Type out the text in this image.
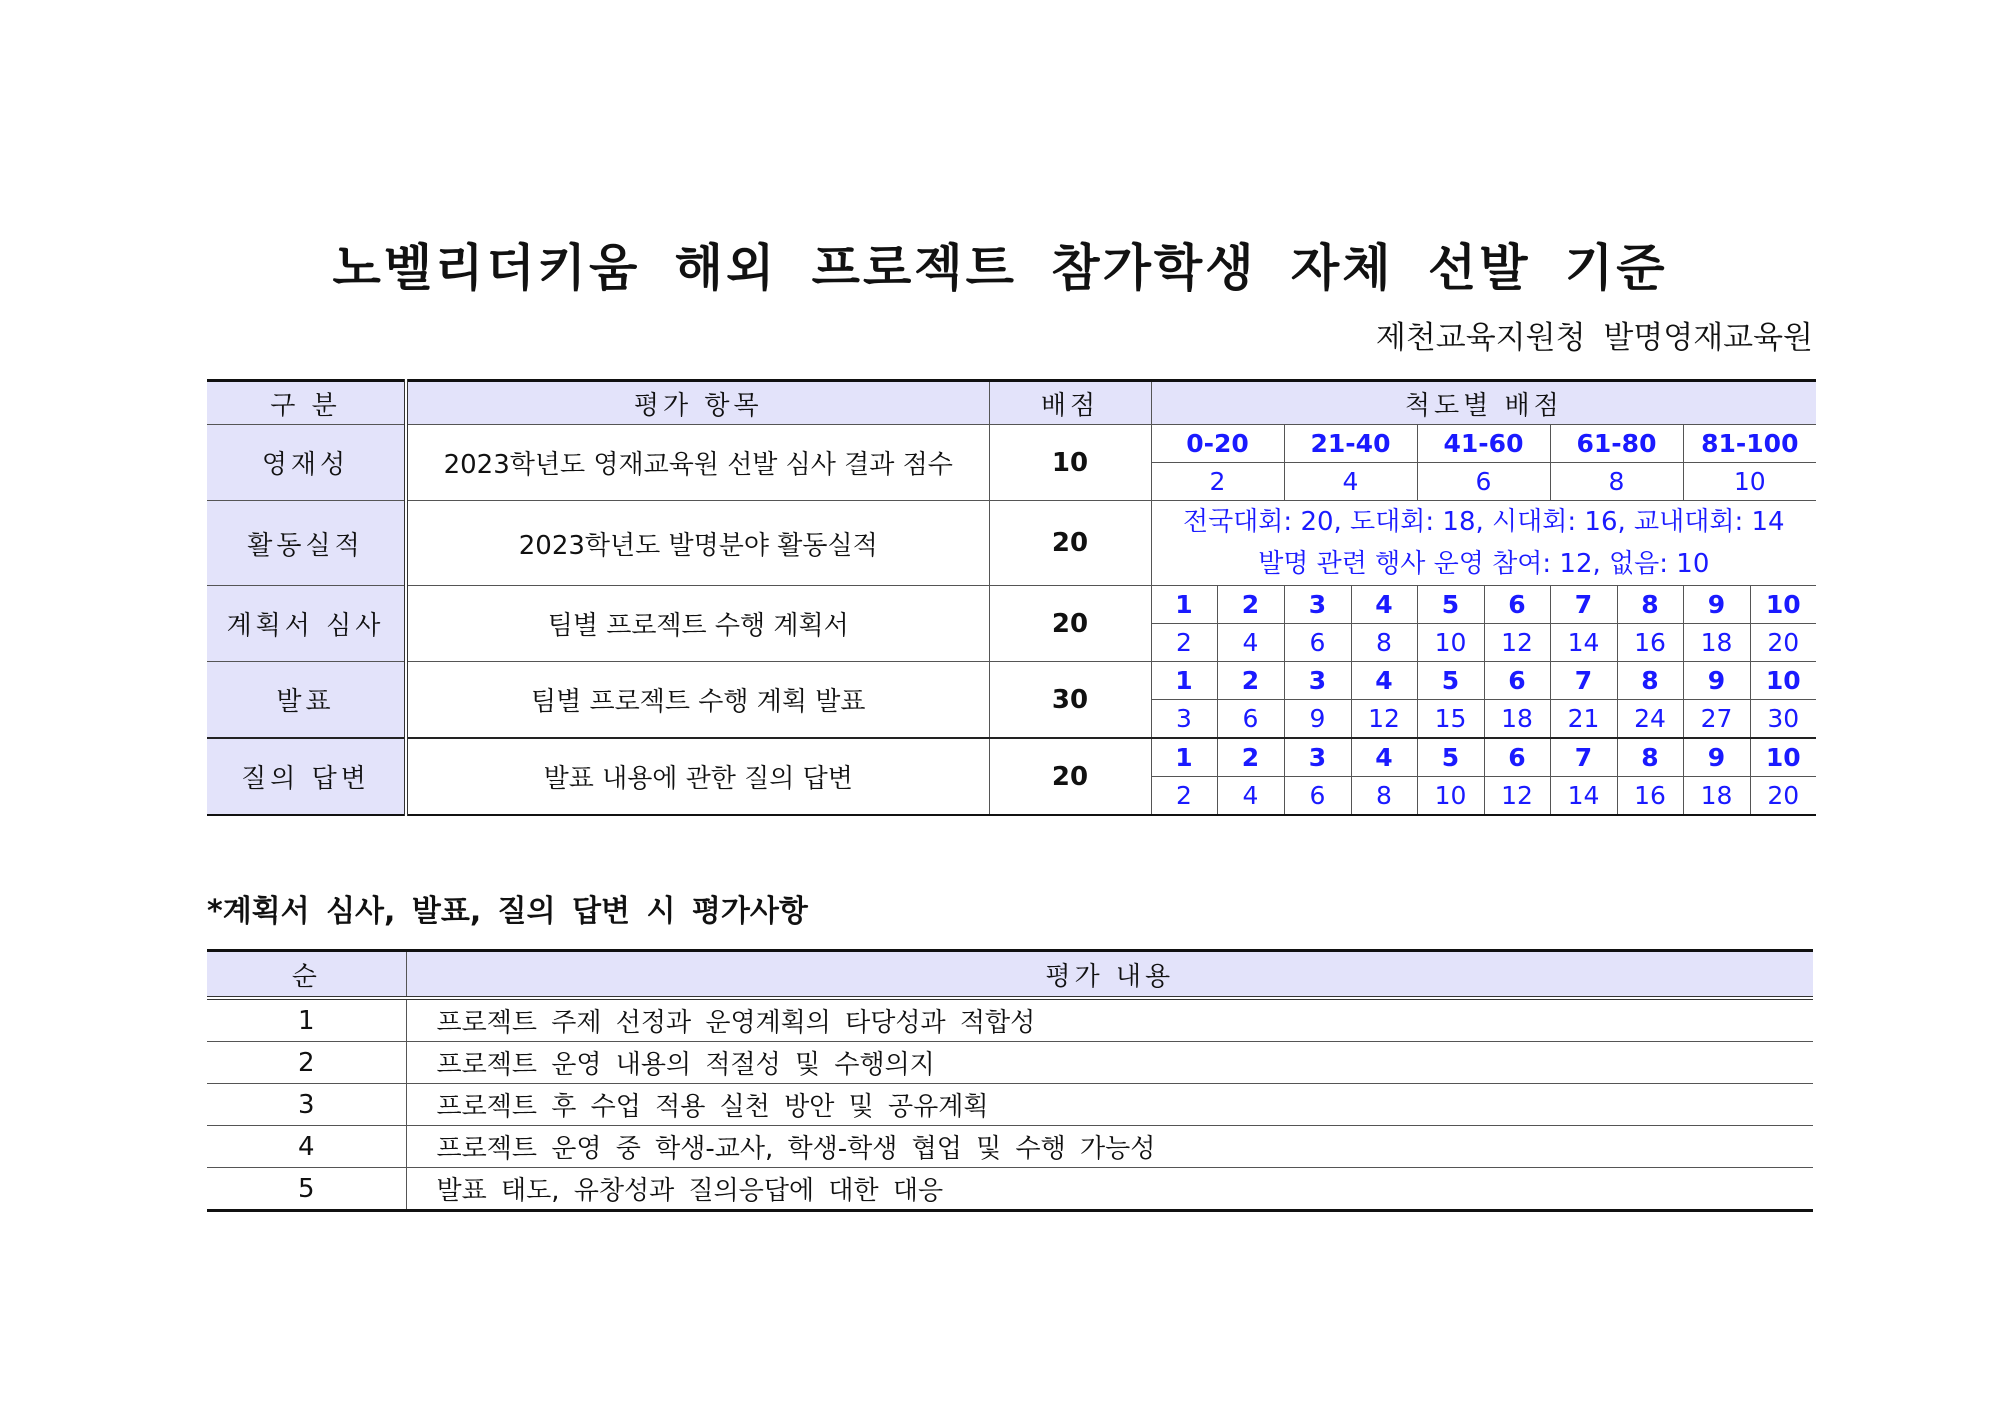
노벨리더키움 해외 프로젝트 참가학생 자체 선발 기준
제천교육지원청 발명영재교육원
구 분	평가 항목	배점	척도별 배점									
영재성	2023학년도 영재교육원 선발 심사 결과 점수	10	0-20		21-40		41-60		61-80		81-100	
			2		4		6		8		10	
활동실적	2023학년도 발명분야 활동실적	20	전국대회: 20, 도대회: 18, 시대회: 16, 교내대회: 14
발명 관련 행사 운영 참여: 12, 없음: 10									

계획서 심사	팀별 프로젝트 수행 계획서	20	1	2	3	4	5	6	7	8	9	10
			2	4	6	8	10	12	14	16	18	20
발표	팀별 프로젝트 수행 계획 발표	30	1	2	3	4	5	6	7	8	9	10
			3	6	9	12	15	18	21	24	27	30
질의 답변	발표 내용에 관한 질의 답변	20	1	2	3	4	5	6	7	8	9	10
			2	4	6	8	10	12	14	16	18	20
*계획서 심사, 발표, 질의 답변 시 평가사항
순	평가 내용
1	프로젝트 주제 선정과 운영계획의 타당성과 적합성
2	프로젝트 운영 내용의 적절성 및 수행의지
3	프로젝트 후 수업 적용 실천 방안 및 공유계획
4	프로젝트 운영 중 학생-교사, 학생-학생 협업 및 수행 가능성
5	발표 태도, 유창성과 질의응답에 대한 대응
